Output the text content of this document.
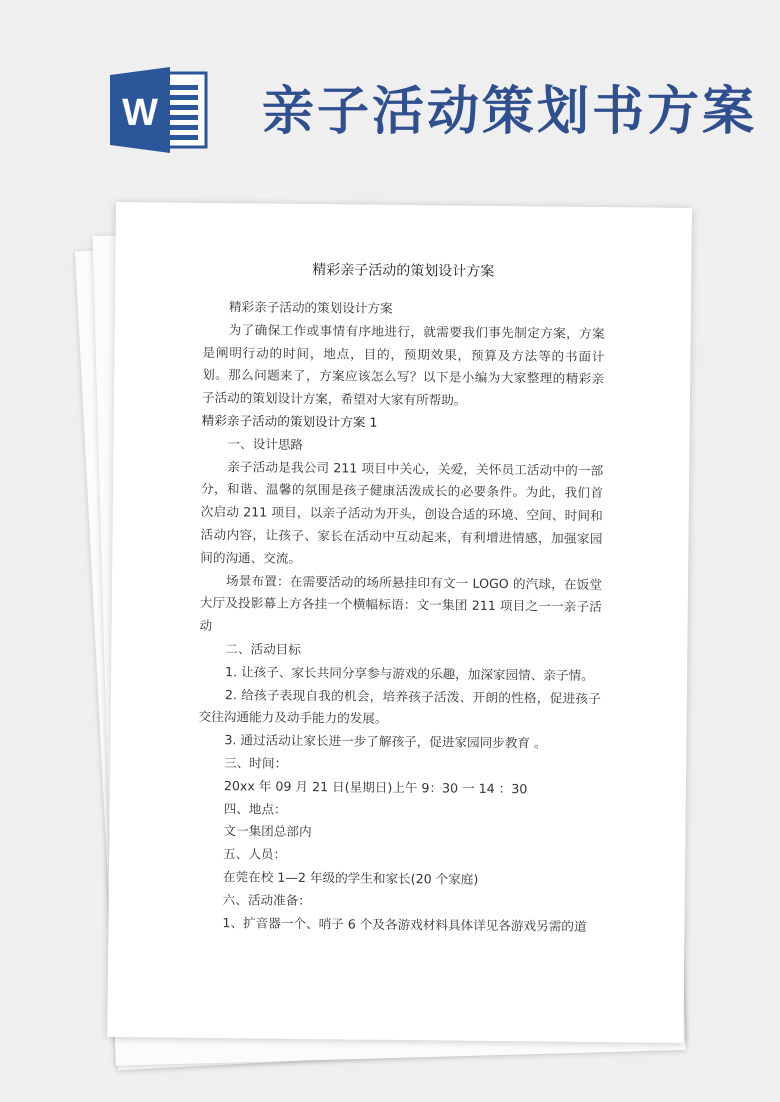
W 亲子活动策划书方案
精彩亲子活动的策划设计方案

精彩亲子活动的策划设计方案

为了确保工作或事情有序地进行，就需要我们事先制定方案，方案是阐明行动的时间，地点，目的，预期效果，预算及方法等的书面计划。那么问题来了，方案应该怎么写？以下是小编为大家整理的精彩亲子活动的策划设计方案，希望对大家有所帮助。

精彩亲子活动的策划设计方案 1

一、设计思路

亲子活动是我公司 211 项目中关心，关爱，关怀员工活动中的一部分，和谐、温馨的氛围是孩子健康活泼成长的必要条件。为此，我们首次启动 211 项目，以亲子活动为开头，创设合适的环境、空间、时间和活动内容，让孩子、家长在活动中互动起来，有利增进情感，加强家园间的沟通、交流。

场景布置：在需要活动的场所悬挂印有文一 LOGO 的汽球，在饭堂大厅及投影幕上方各挂一个横幅标语：文一集团 211 项目之一一亲子活动

二、活动目标

1. 让孩子、家长共同分享参与游戏的乐趣，加深家园情、亲子情。

2. 给孩子表现自我的机会，培养孩子活泼、开朗的性格，促进孩子交往沟通能力及动手能力的发展。

3. 通过活动让家长进一步了解孩子，促进家园同步教育 。

三、时间：

20xx 年 09 月 21 日(星期日)上午 9：30 一 14 ：30

四、地点：

文一集团总部内

五、人员：

在莞在校 1—2 年级的学生和家长(20 个家庭)

六、活动准备：

1、扩音器一个、哨子 6 个及各游戏材料具体详见各游戏另需的道
